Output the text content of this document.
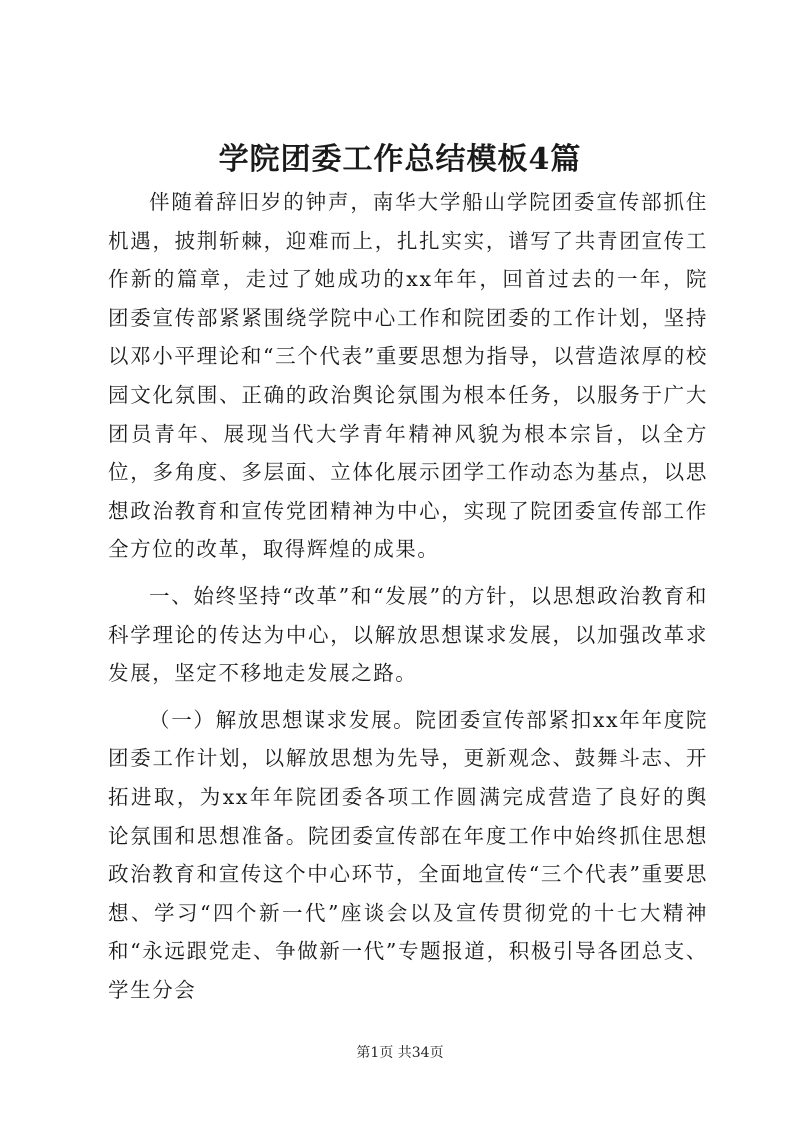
学院团委工作总结模板4篇

伴随着辞旧岁的钟声，南华大学船山学院团委宣传部抓住机遇，披荆斩棘，迎难而上，扎扎实实，谱写了共青团宣传工作新的篇章，走过了她成功的xx年年，回首过去的一年，院团委宣传部紧紧围绕学院中心工作和院团委的工作计划，坚持以邓小平理论和“三个代表”重要思想为指导，以营造浓厚的校园文化氛围、正确的政治舆论氛围为根本任务，以服务于广大团员青年、展现当代大学青年精神风貌为根本宗旨，以全方位，多角度、多层面、立体化展示团学工作动态为基点，以思想政治教育和宣传党团精神为中心，实现了院团委宣传部工作全方位的改革，取得辉煌的成果。

一、始终坚持“改革”和“发展”的方针，以思想政治教育和科学理论的传达为中心，以解放思想谋求发展，以加强改革求发展，坚定不移地走发展之路。

（一）解放思想谋求发展。院团委宣传部紧扣xx年年度院团委工作计划，以解放思想为先导，更新观念、鼓舞斗志、开拓进取，为xx年年院团委各项工作圆满完成营造了良好的舆论氛围和思想准备。院团委宣传部在年度工作中始终抓住思想政治教育和宣传这个中心环节，全面地宣传“三个代表”重要思想、学习“四个新一代”座谈会以及宣传贯彻党的十七大精神和“永远跟党走、争做新一代”专题报道，积极引导各团总支、学生分会

第1页 共34页
